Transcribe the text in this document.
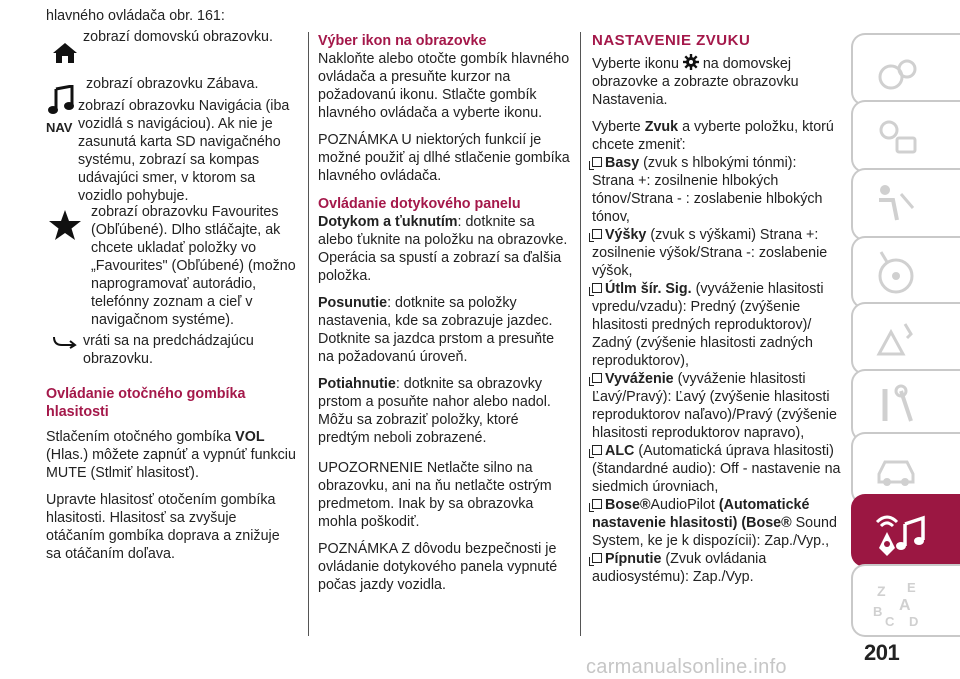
hlavného ovládača obr. 161:

zobrazí domovskú obrazovku.
zobrazí obrazovku Zábava.
NAV

zobrazí obrazovku Navigácia (iba vozidlá s navigáciou). Ak nie je zasunutá karta SD navigačného systému, zobrazí sa kompas udávajúci smer, v ktorom sa vozidlo pohybuje.

zobrazí obrazovku Favourites (Obľúbené). Dlho stláčajte, ak chcete ukladať položky vo „Favourites" (Obľúbené) (možno naprogramovať autorádio, telefónny zoznam a cieľ v navigačnom systéme).

vráti sa na predchádzajúcu obrazovku.

Ovládanie otočného gombíka hlasitosti

Stlačením otočného gombíka VOL (Hlas.) môžete zapnúť a vypnúť funkciu MUTE (Stlmiť hlasitosť).

Upravte hlasitosť otočením gombíka hlasitosti. Hlasitosť sa zvyšuje otáčaním gombíka doprava a znižuje sa otáčaním doľava.

Výber ikon na obrazovke

Nakloňte alebo otočte gombík hlavného ovládača a presuňte kurzor na požadovanú ikonu. Stlačte gombík hlavného ovládača a vyberte ikonu.

POZNÁMKA U niektorých funkcií je možné použiť aj dlhé stlačenie gombíka hlavného ovládača.

Ovládanie dotykového panelu

Dotykom a ťuknutím: dotknite sa alebo ťuknite na položku na obrazovke. Operácia sa spustí a zobrazí sa ďalšia položka.

Posunutie: dotknite sa položky nastavenia, kde sa zobrazuje jazdec. Dotknite sa jazdca prstom a presuňte na požadovanú úroveň.

Potiahnutie: dotknite sa obrazovky prstom a posuňte nahor alebo nadol. Môžu sa zobraziť položky, ktoré predtým neboli zobrazené.

UPOZORNENIE Netlačte silno na obrazovku, ani na ňu netlačte ostrým predmetom. Inak by sa obrazovka mohla poškodiť.

POZNÁMKA Z dôvodu bezpečnosti je ovládanie dotykového panela vypnuté počas jazdy vozidla.

NASTAVENIE ZVUKU

Vyberte ikonu  na domovskej obrazovke a zobrazte obrazovku Nastavenia.

Vyberte Zvuk a vyberte položku, ktorú chcete zmeniť:

Basy (zvuk s hlbokými tónmi): Strana +: zosilnenie hlbokých tónov/Strana - : zoslabenie hlbokých tónov,

Výšky (zvuk s výškami) Strana +: zosilnenie výšok/Strana -: zoslabenie výšok,

Útlm šír. Sig. (vyváženie hlasitosti vpredu/vzadu): Predný (zvýšenie hlasitosti predných reproduktorov)/ Zadný (zvýšenie hlasitosti zadných reproduktorov),

Vyváženie (vyváženie hlasitosti Ľavý/Pravý): Ľavý (zvýšenie hlasitosti reproduktorov naľavo)/Pravý (zvýšenie hlasitosti reproduktorov napravo),

ALC (Automatická úprava hlasitosti) (štandardné audio): Off - nastavenie na siedmich úrovniach,

Bose®AudioPilot (Automatické nastavenie hlasitosti) (Bose® Sound System, ke je k dispozícii): Zap./Vyp.,

Pípnutie (Zvuk ovládania audiosystému): Zap./Vyp.

Z E
B A
C D
201
carmanualsonline.info
